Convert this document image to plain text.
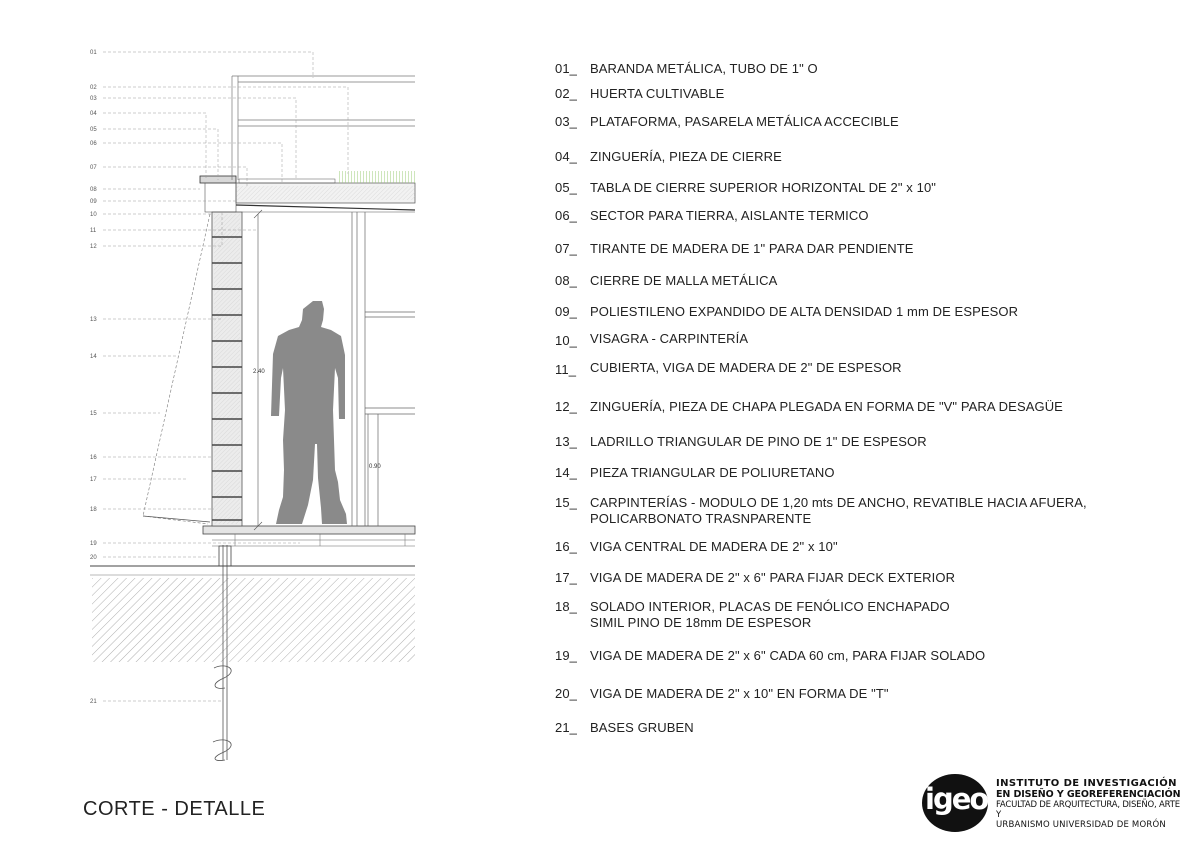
2.40
0.90
01
02
03
04
05
06
07
08
09
10
11
12
13
14
15
16
17
18
19
20
21
01_ BARANDA METÁLICA, TUBO DE 1" O
02_ HUERTA CULTIVABLE
03_ PLATAFORMA, PASARELA METÁLICA ACCECIBLE
04_ ZINGUERÍA, PIEZA DE CIERRE
05_ TABLA DE CIERRE SUPERIOR HORIZONTAL DE 2" x 10"
06_ SECTOR PARA TIERRA, AISLANTE TERMICO
07_ TIRANTE DE MADERA DE 1" PARA DAR PENDIENTE
08_ CIERRE DE MALLA METÁLICA
09_ POLIESTILENO EXPANDIDO DE ALTA DENSIDAD 1 mm DE ESPESOR
10_ VISAGRA - CARPINTERÍA
11_ CUBIERTA, VIGA DE MADERA DE 2" DE ESPESOR
12_ ZINGUERÍA, PIEZA DE CHAPA PLEGADA EN FORMA DE "V" PARA DESAGÜE
13_ LADRILLO TRIANGULAR DE PINO DE 1" DE ESPESOR
14_ PIEZA TRIANGULAR DE POLIURETANO
15_ CARPINTERÍAS - MODULO DE 1,20 mts DE ANCHO, REVATIBLE HACIA AFUERA,
POLICARBONATO TRASNPARENTE
16_ VIGA CENTRAL DE MADERA DE 2" x 10"
17_ VIGA DE MADERA DE 2" x 6" PARA FIJAR DECK EXTERIOR
18_ SOLADO INTERIOR, PLACAS DE FENÓLICO ENCHAPADO
SIMIL PINO DE 18mm DE ESPESOR
19_ VIGA DE MADERA DE 2" x 6" CADA 60 cm, PARA FIJAR SOLADO
20_ VIGA DE MADERA DE 2" x 10" EN FORMA DE "T"
21_ BASES GRUBEN
CORTE - DETALLE	igeo INSTITUTO DE INVESTIGACIÓN
EN DISEÑO Y GEOREFERENCIACIÓN
FACULTAD DE ARQUITECTURA, DISEÑO, ARTE Y
URBANISMO UNIVERSIDAD DE MORÓN
